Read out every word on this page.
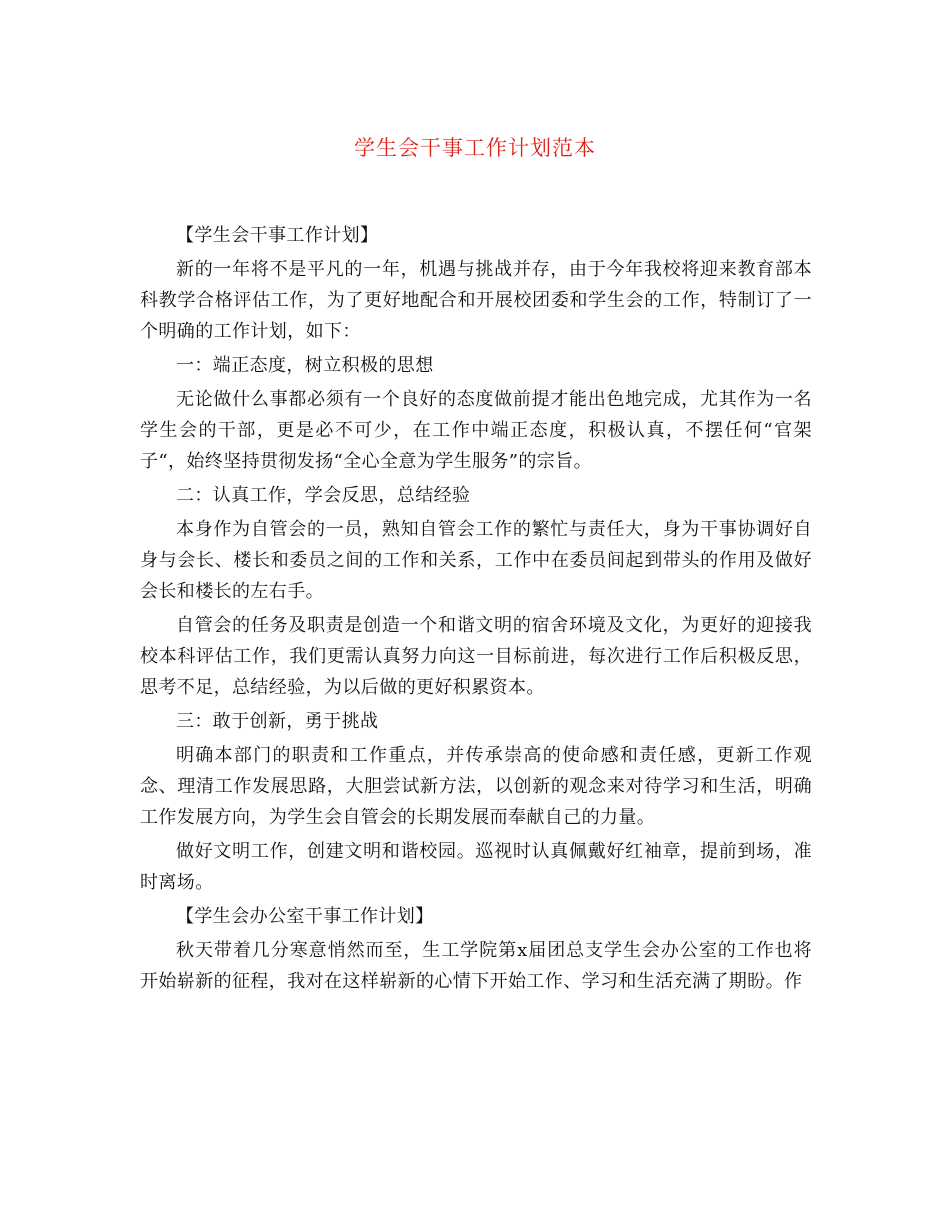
学生会干事工作计划范本

【学生会干事工作计划】

新的一年将不是平凡的一年，机遇与挑战并存，由于今年我校将迎来教育部本科教学合格评估工作，为了更好地配合和开展校团委和学生会的工作，特制订了一个明确的工作计划，如下：

一：端正态度，树立积极的思想

无论做什么事都必须有一个良好的态度做前提才能出色地完成，尤其作为一名学生会的干部，更是必不可少，在工作中端正态度，积极认真，不摆任何“官架子“，始终坚持贯彻发扬“全心全意为学生服务”的宗旨。

二：认真工作，学会反思，总结经验

本身作为自管会的一员，熟知自管会工作的繁忙与责任大，身为干事协调好自身与会长、楼长和委员之间的工作和关系，工作中在委员间起到带头的作用及做好会长和楼长的左右手。

自管会的任务及职责是创造一个和谐文明的宿舍环境及文化，为更好的迎接我校本科评估工作，我们更需认真努力向这一目标前进，每次进行工作后积极反思，思考不足，总结经验，为以后做的更好积累资本。

三：敢于创新，勇于挑战

明确本部门的职责和工作重点，并传承崇高的使命感和责任感，更新工作观念、理清工作发展思路，大胆尝试新方法，以创新的观念来对待学习和生活，明确工作发展方向，为学生会自管会的长期发展而奉献自己的力量。

做好文明工作，创建文明和谐校园。巡视时认真佩戴好红袖章，提前到场，准时离场。

【学生会办公室干事工作计划】

秋天带着几分寒意悄然而至，生工学院第x届团总支学生会办公室的工作也将开始崭新的征程，我对在这样崭新的心情下开始工作、学习和生活充满了期盼。作
